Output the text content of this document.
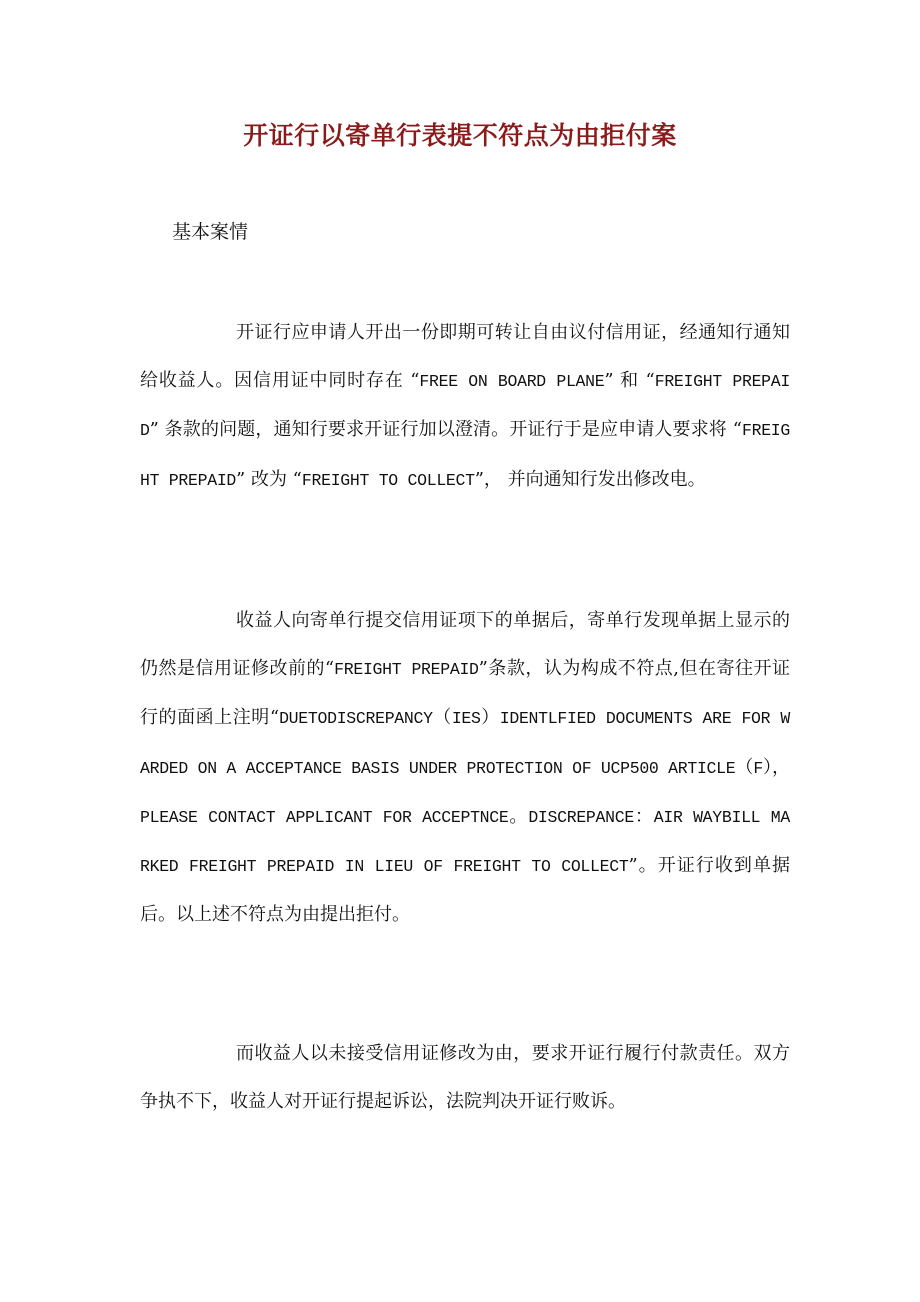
开证行以寄单行表提不符点为由拒付案
基本案情
开证行应申请人开出一份即期可转让自由议付信用证，经通知行通知给收益人。因信用证中同时存在 “FREE ON BOARD PLANE” 和 “FREIGHT PREPAID” 条款的问题，通知行要求开证行加以澄清。开证行于是应申请人要求将 “FREIGHT PREPAID” 改为 “FREIGHT TO COLLECT”， 并向通知行发出修改电。
收益人向寄单行提交信用证项下的单据后，寄单行发现单据上显示的仍然是信用证修改前的“FREIGHT PREPAID”条款，认为构成不符点,但在寄往开证行的面函上注明“DUETODISCREPANCY（IES）IDENTLFIED DOCUMENTS ARE FOR WARDED ON A ACCEPTANCE BASIS UNDER PROTECTION OF UCP500 ARTICLE（F），PLEASE CONTACT APPLICANT FOR ACCEPTNCE。DISCREPANCE：AIR WAYBILL MARKED FREIGHT PREPAID IN LIEU OF FREIGHT TO COLLECT”。开证行收到单据后。以上述不符点为由提出拒付。
而收益人以未接受信用证修改为由，要求开证行履行付款责任。双方争执不下，收益人对开证行提起诉讼，法院判决开证行败诉。
